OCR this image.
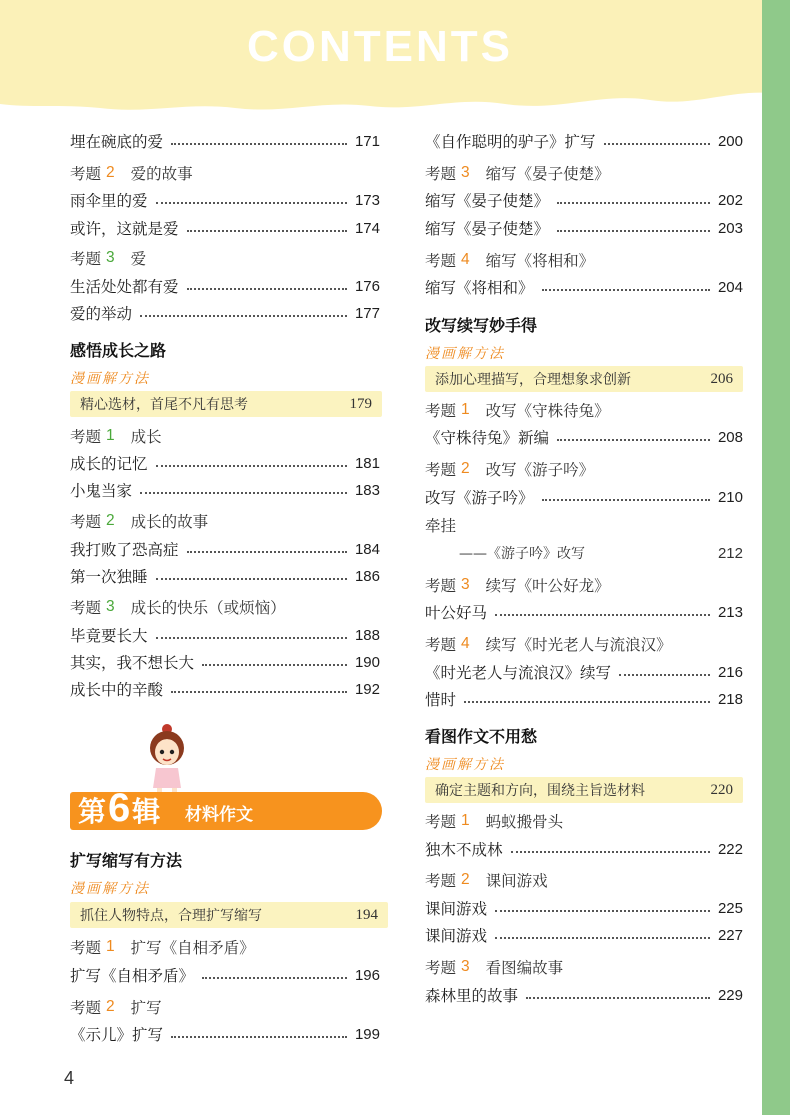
CONTENTS
埋在碗底的爱	171
考题 2 爱的故事
雨伞里的爱	173
或许，这就是爱	174
考题 3 爱
生活处处都有爱	176
爱的举动	177
感悟成长之路
漫画解方法
精心选材，首尾不凡有思考	179
考题 1 成长
成长的记忆	181
小鬼当家	183
考题 2 成长的故事
我打败了恐高症	184
第一次独睡	186
考题 3 成长的快乐（或烦恼）
毕竟要长大	188
其实，我不想长大	190
成长中的辛酸	192
扩写缩写有方法
漫画解方法
抓住人物特点，合理扩写缩写	194
考题 1 扩写《自相矛盾》
扩写《自相矛盾》	196
考题 2 扩写
《示儿》扩写	199
第 6 辑 材料作文
《自作聪明的驴子》扩写	200
考题 3 缩写《晏子使楚》
缩写《晏子使楚》	202
缩写《晏子使楚》	203
考题 4 缩写《将相和》
缩写《将相和》	204
改写续写妙手得
漫画解方法
添加心理描写，合理想象求创新	206
考题 1 改写《守株待兔》
《守株待兔》新编	208
考题 2 改写《游子吟》
改写《游子吟》	210
牵挂
——《游子吟》改写	212
考题 3 续写《叶公好龙》
叶公好马	213
考题 4 续写《时光老人与流浪汉》
《时光老人与流浪汉》续写	216
惜时	218
看图作文不用愁
漫画解方法
确定主题和方向，围绕主旨选材料	220
考题 1 蚂蚁搬骨头
独木不成林	222
考题 2 课间游戏
课间游戏	225
课间游戏	227
考题 3 看图编故事
森林里的故事	229
4
